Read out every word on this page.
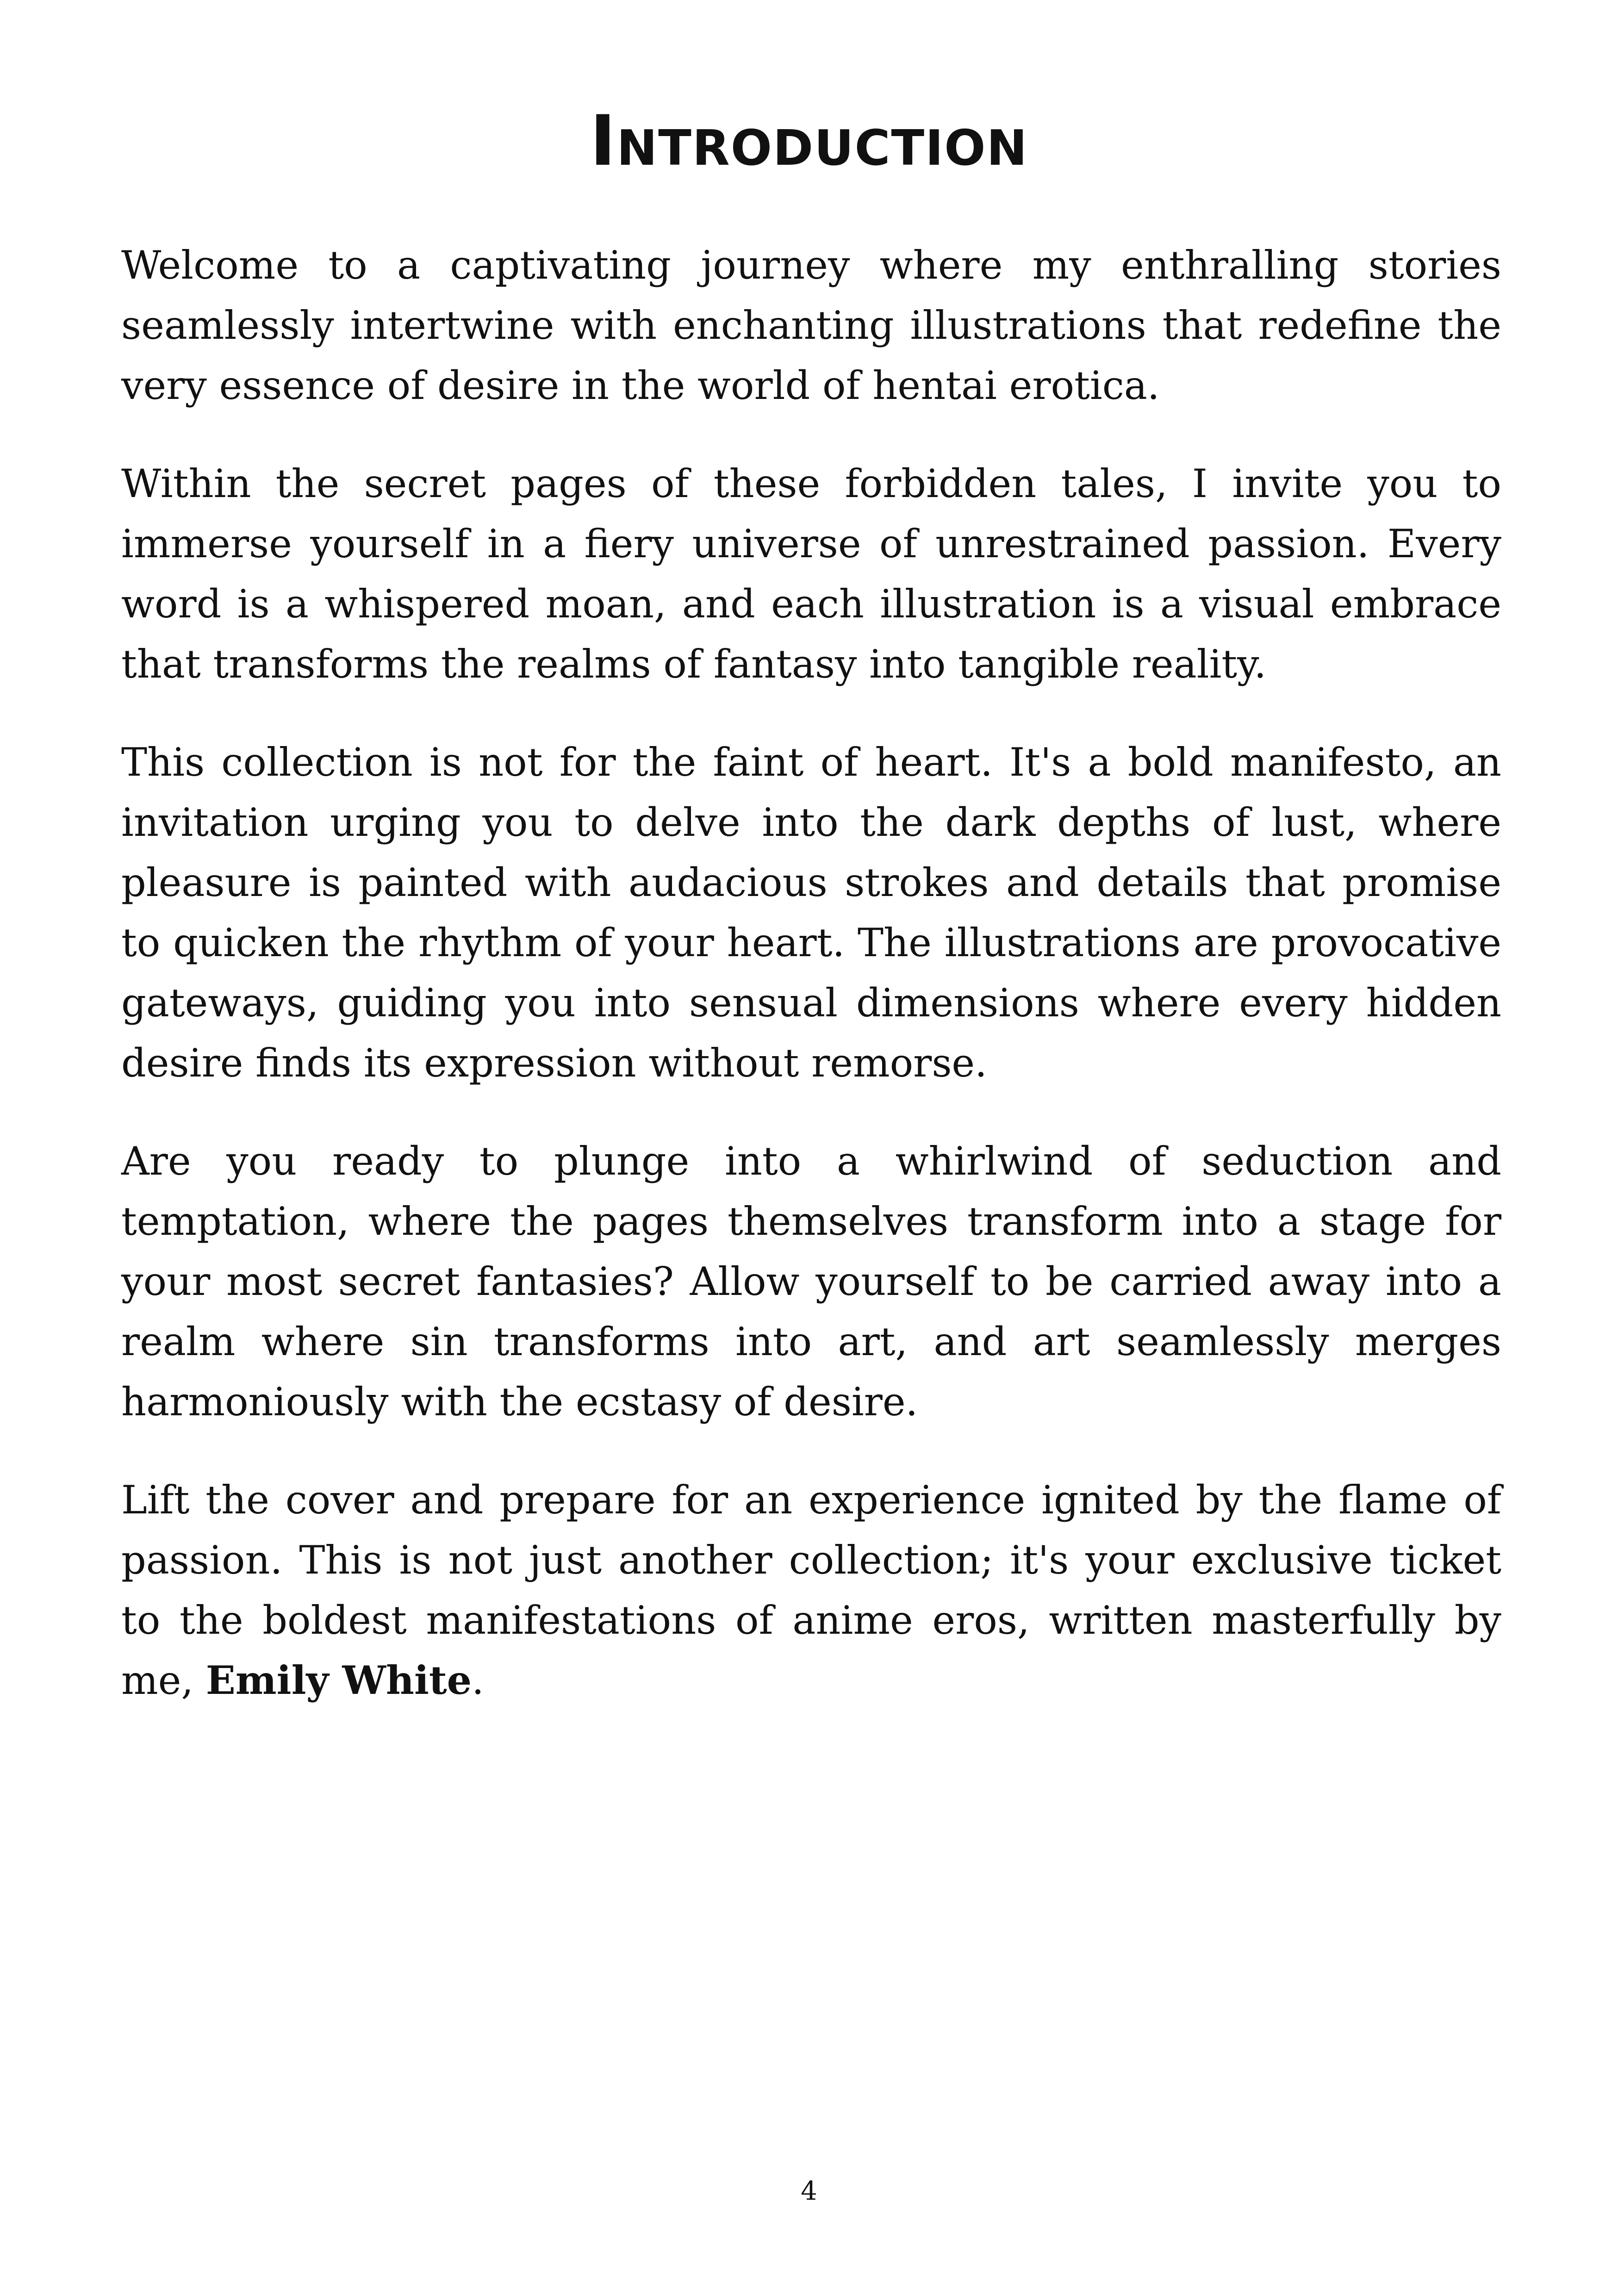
Introduction

Welcome to a captivating journey where my enthralling stories seamlessly intertwine with enchanting illustrations that redefine the very essence of desire in the world of hentai erotica.

Within the secret pages of these forbidden tales, I invite you to immerse yourself in a fiery universe of unrestrained passion. Every word is a whispered moan, and each illustration is a visual embrace that transforms the realms of fantasy into tangible reality.

This collection is not for the faint of heart. It's a bold manifesto, an invitation urging you to delve into the dark depths of lust, where pleasure is painted with audacious strokes and details that promise to quicken the rhythm of your heart. The illustrations are provocative gateways, guiding you into sensual dimensions where every hidden desire finds its expression without remorse.

Are you ready to plunge into a whirlwind of seduction and temptation, where the pages themselves transform into a stage for your most secret fantasies? Allow yourself to be carried away into a realm where sin transforms into art, and art seamlessly merges harmoniously with the ecstasy of desire.

Lift the cover and prepare for an experience ignited by the flame of passion. This is not just another collection; it's your exclusive ticket to the boldest manifestations of anime eros, written masterfully by me, Emily White.

4
